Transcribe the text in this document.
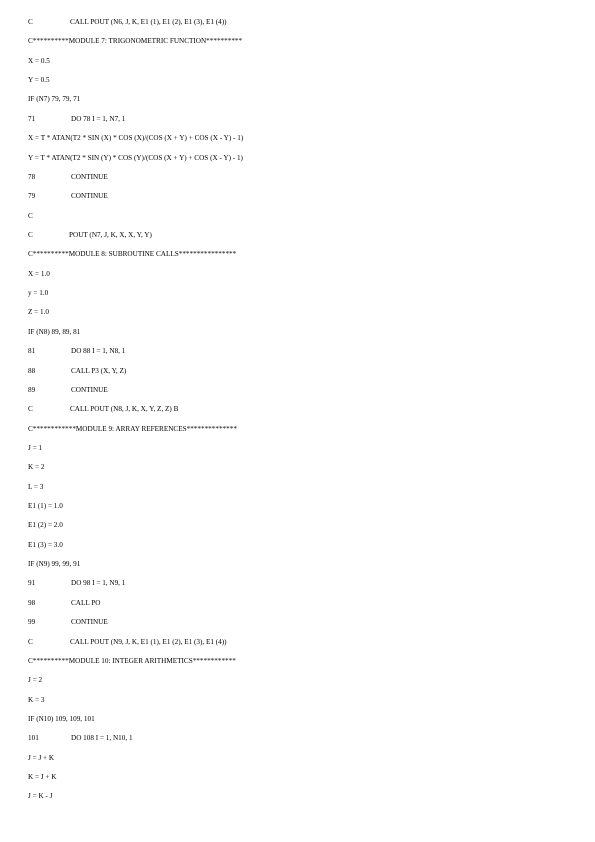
C	CALL POUT (N6, J, K, E1 (1), E1 (2), E1 (3), E1 (4))
C**********MODULE 7: TRIGONOMETRIC FUNCTION**********
X = 0.5
Y = 0.5
IF (N7) 79, 79, 71
71	DO 78 I = 1, N7, 1
X = T * ATAN(T2 * SIN (X) * COS (X)/(COS (X + Y) + COS (X - Y) - 1)
Y = T * ATAN(T2 * SIN (Y) * COS (Y)/(COS (X + Y) + COS (X - Y) - 1)
78	CONTINUE
79	CONTINUE
C
C	POUT (N7, J, K, X, X, Y, Y)
C**********MODULE 8: SUBROUTINE CALLS****************
X = 1.0
y = 1.0
Z = 1.0
IF (N8) 89, 89, 81
81	DO 88 I = 1, N8, 1
88	CALL P3 (X, Y, Z)
89	CONTINUE
C	CALL POUT (N8, J, K, X, Y, Z, Z) B
C************MODULE 9: ARRAY REFERENCES**************
J = 1
K = 2
L = 3
E1 (1) = 1.0
E1 (2) = 2.0
E1 (3) = 3.0
IF (N9) 99, 99, 91
91	DO 98 I = 1, N9, 1
98	CALL PO
99	CONTINUE
C	CALL POUT (N9, J, K, E1 (1), E1 (2), E1 (3), E1 (4))
C**********MODULE 10: INTEGER ARITHMETICS************
J = 2
K = 3
IF (N10) 109, 109, 101
101	DO 108 I = 1, N10, 1
J = J + K
K = J + K
J = K - J
